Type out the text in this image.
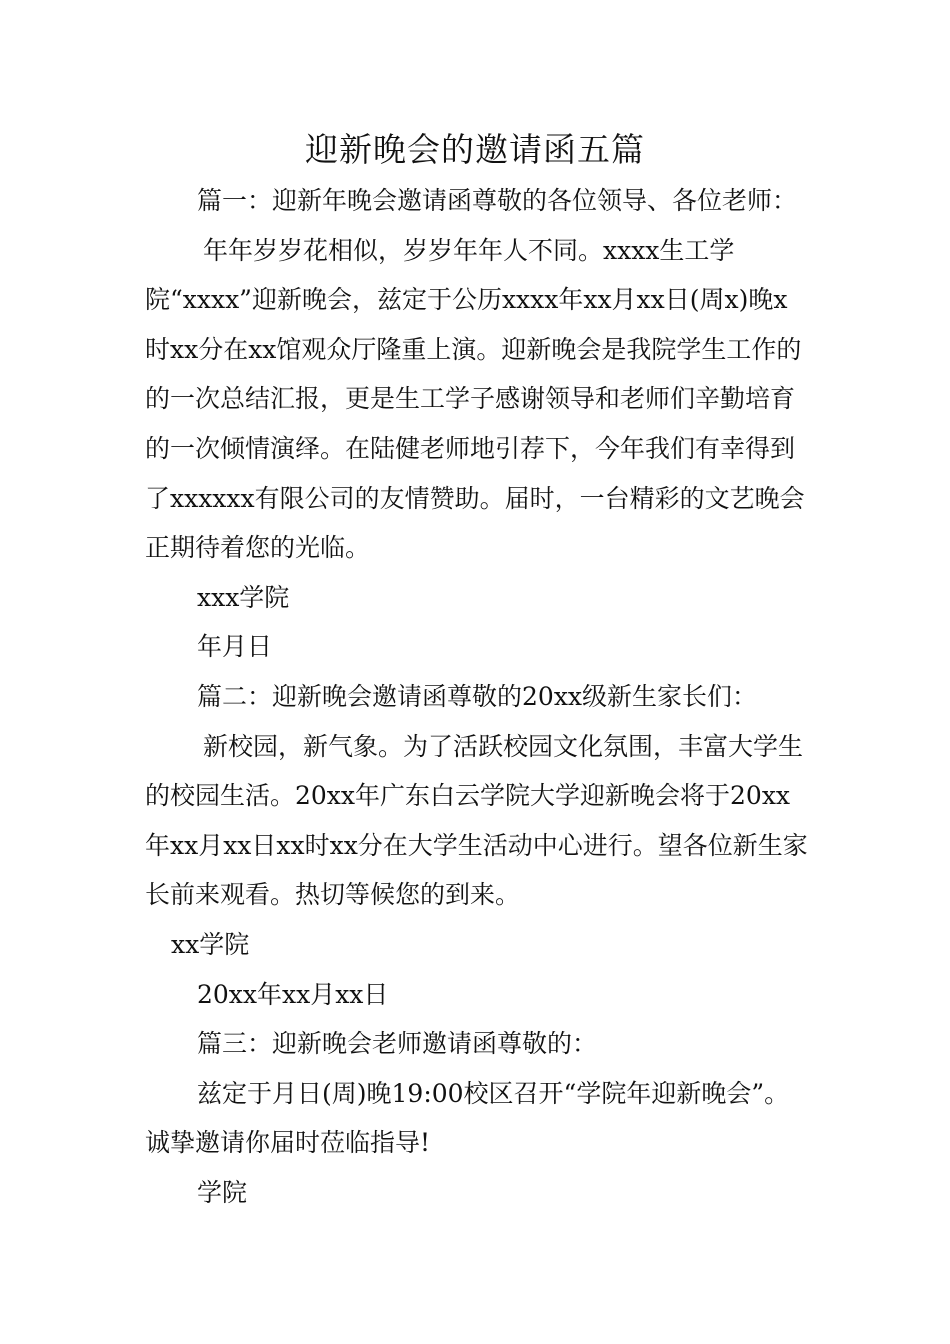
迎新晚会的邀请函五篇

篇一：迎新年晚会邀请函尊敬的各位领导、各位老师：

年年岁岁花相似，岁岁年年人不同。xxxx生工学院“xxxx”迎新晚会，兹定于公历xxxx年xx月xx日(周x)晚x时xx分在xx馆观众厅隆重上演。迎新晚会是我院学生工作的的一次总结汇报，更是生工学子感谢领导和老师们辛勤培育的一次倾情演绎。在陆健老师地引荐下，今年我们有幸得到了xxxxxx有限公司的友情赞助。届时，一台精彩的文艺晚会正期待着您的光临。

xxx学院

年月日

篇二：迎新晚会邀请函尊敬的20xx级新生家长们：

新校园，新气象。为了活跃校园文化氛围，丰富大学生的校园生活。20xx年广东白云学院大学迎新晚会将于20xx年xx月xx日xx时xx分在大学生活动中心进行。望各位新生家长前来观看。热切等候您的到来。

xx学院

20xx年xx月xx日

篇三：迎新晚会老师邀请函尊敬的：

兹定于月日(周)晚19:00校区召开“学院年迎新晚会”。诚挚邀请你届时莅临指导!

学院
